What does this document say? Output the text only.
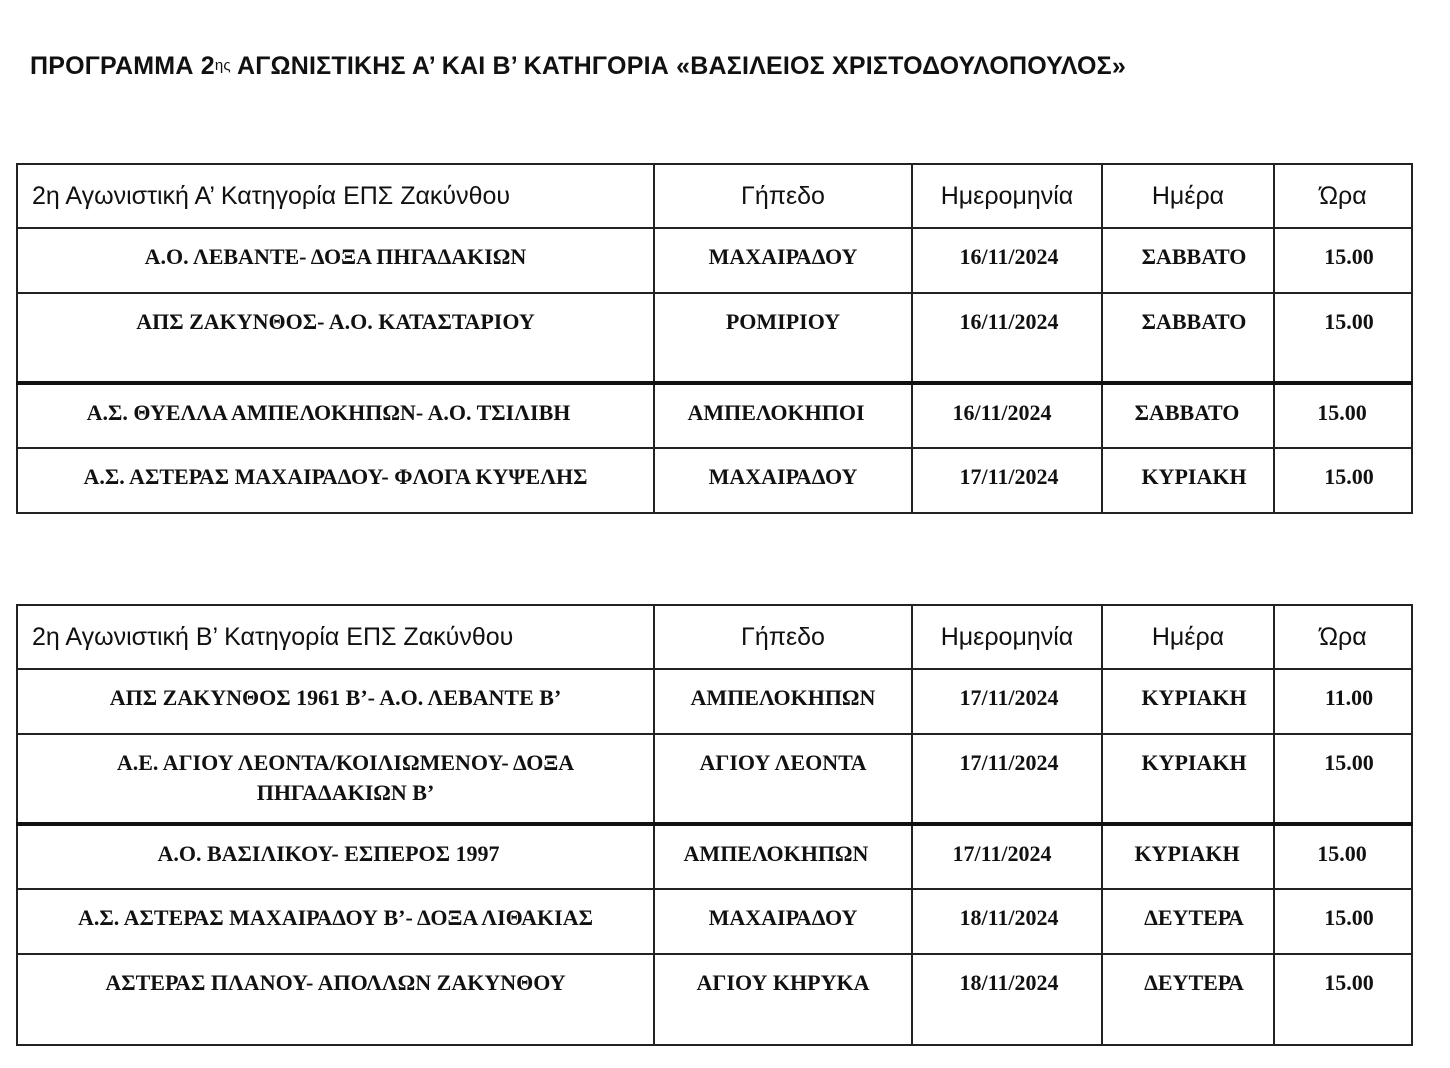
ΠΡΟΓΡΑΜΜΑ $2^{\eta\varsigma}$ ΑΓΩΝΙΣΤΙΚΗΣ Α’ ΚΑΙ Β’ ΚΑΤΗΓΟΡΙΑ «ΒΑΣΙΛΕΙΟΣ ΧΡΙΣΤΟΔΟΥΛΟΠΟΥΛΟΣ»
2η Αγωνιστική Α’ Κατηγορία ΕΠΣ Ζακύνθου	Γήπεδο	Ημερομηνία	Ημέρα	Ώρα

Α.Ο. ΛΕΒΑΝΤΕ- ΔΟΞΑ ΠΗΓΑΔΑΚΙΩΝ	ΜΑΧΑΙΡΑΔΟΥ	16/11/2024	ΣΑΒΒΑΤΟ	15.00

ΑΠΣ ΖΑΚΥΝΘΟΣ- Α.Ο. ΚΑΤΑΣΤΑΡΙΟΥ	ΡΟΜΙΡΙΟΥ	16/11/2024	ΣΑΒΒΑΤΟ	15.00

Α.Σ. ΘΥΕΛΛΑ ΑΜΠΕΛΟΚΗΠΩΝ- Α.Ο. ΤΣΙΛΙΒΗ	ΑΜΠΕΛΟΚΗΠΟΙ	16/11/2024	ΣΑΒΒΑΤΟ	15.00

Α.Σ. ΑΣΤΕΡΑΣ ΜΑΧΑΙΡΑΔΟΥ- ΦΛΟΓΑ ΚΥΨΕΛΗΣ	ΜΑΧΑΙΡΑΔΟΥ	17/11/2024	ΚΥΡΙΑΚΗ	15.00
2η Αγωνιστική Β’ Κατηγορία ΕΠΣ Ζακύνθου	Γήπεδο	Ημερομηνία	Ημέρα	Ώρα

ΑΠΣ ΖΑΚΥΝΘΟΣ 1961 Β’- Α.Ο. ΛΕΒΑΝΤΕ Β’	ΑΜΠΕΛΟΚΗΠΩΝ	17/11/2024	ΚΥΡΙΑΚΗ	11.00

Α.Ε. ΑΓΙΟΥ ΛΕΟΝΤΑ/ΚΟΙΛΙΩΜΕΝΟΥ- ΔΟΞΑ ΠΗΓΑΔΑΚΙΩΝ Β’	ΑΓΙΟΥ ΛΕΟΝΤΑ	17/11/2024	ΚΥΡΙΑΚΗ	15.00

Α.Ο. ΒΑΣΙΛΙΚΟΥ- ΕΣΠΕΡΟΣ 1997	ΑΜΠΕΛΟΚΗΠΩΝ	17/11/2024	ΚΥΡΙΑΚΗ	15.00

Α.Σ. ΑΣΤΕΡΑΣ ΜΑΧΑΙΡΑΔΟΥ Β’- ΔΟΞΑ ΛΙΘΑΚΙΑΣ	ΜΑΧΑΙΡΑΔΟΥ	18/11/2024	ΔΕΥΤΕΡΑ	15.00

ΑΣΤΕΡΑΣ ΠΛΑΝΟΥ- ΑΠΟΛΛΩΝ ΖΑΚΥΝΘΟΥ	ΑΓΙΟΥ ΚΗΡΥΚΑ	18/11/2024	ΔΕΥΤΕΡΑ	15.00
